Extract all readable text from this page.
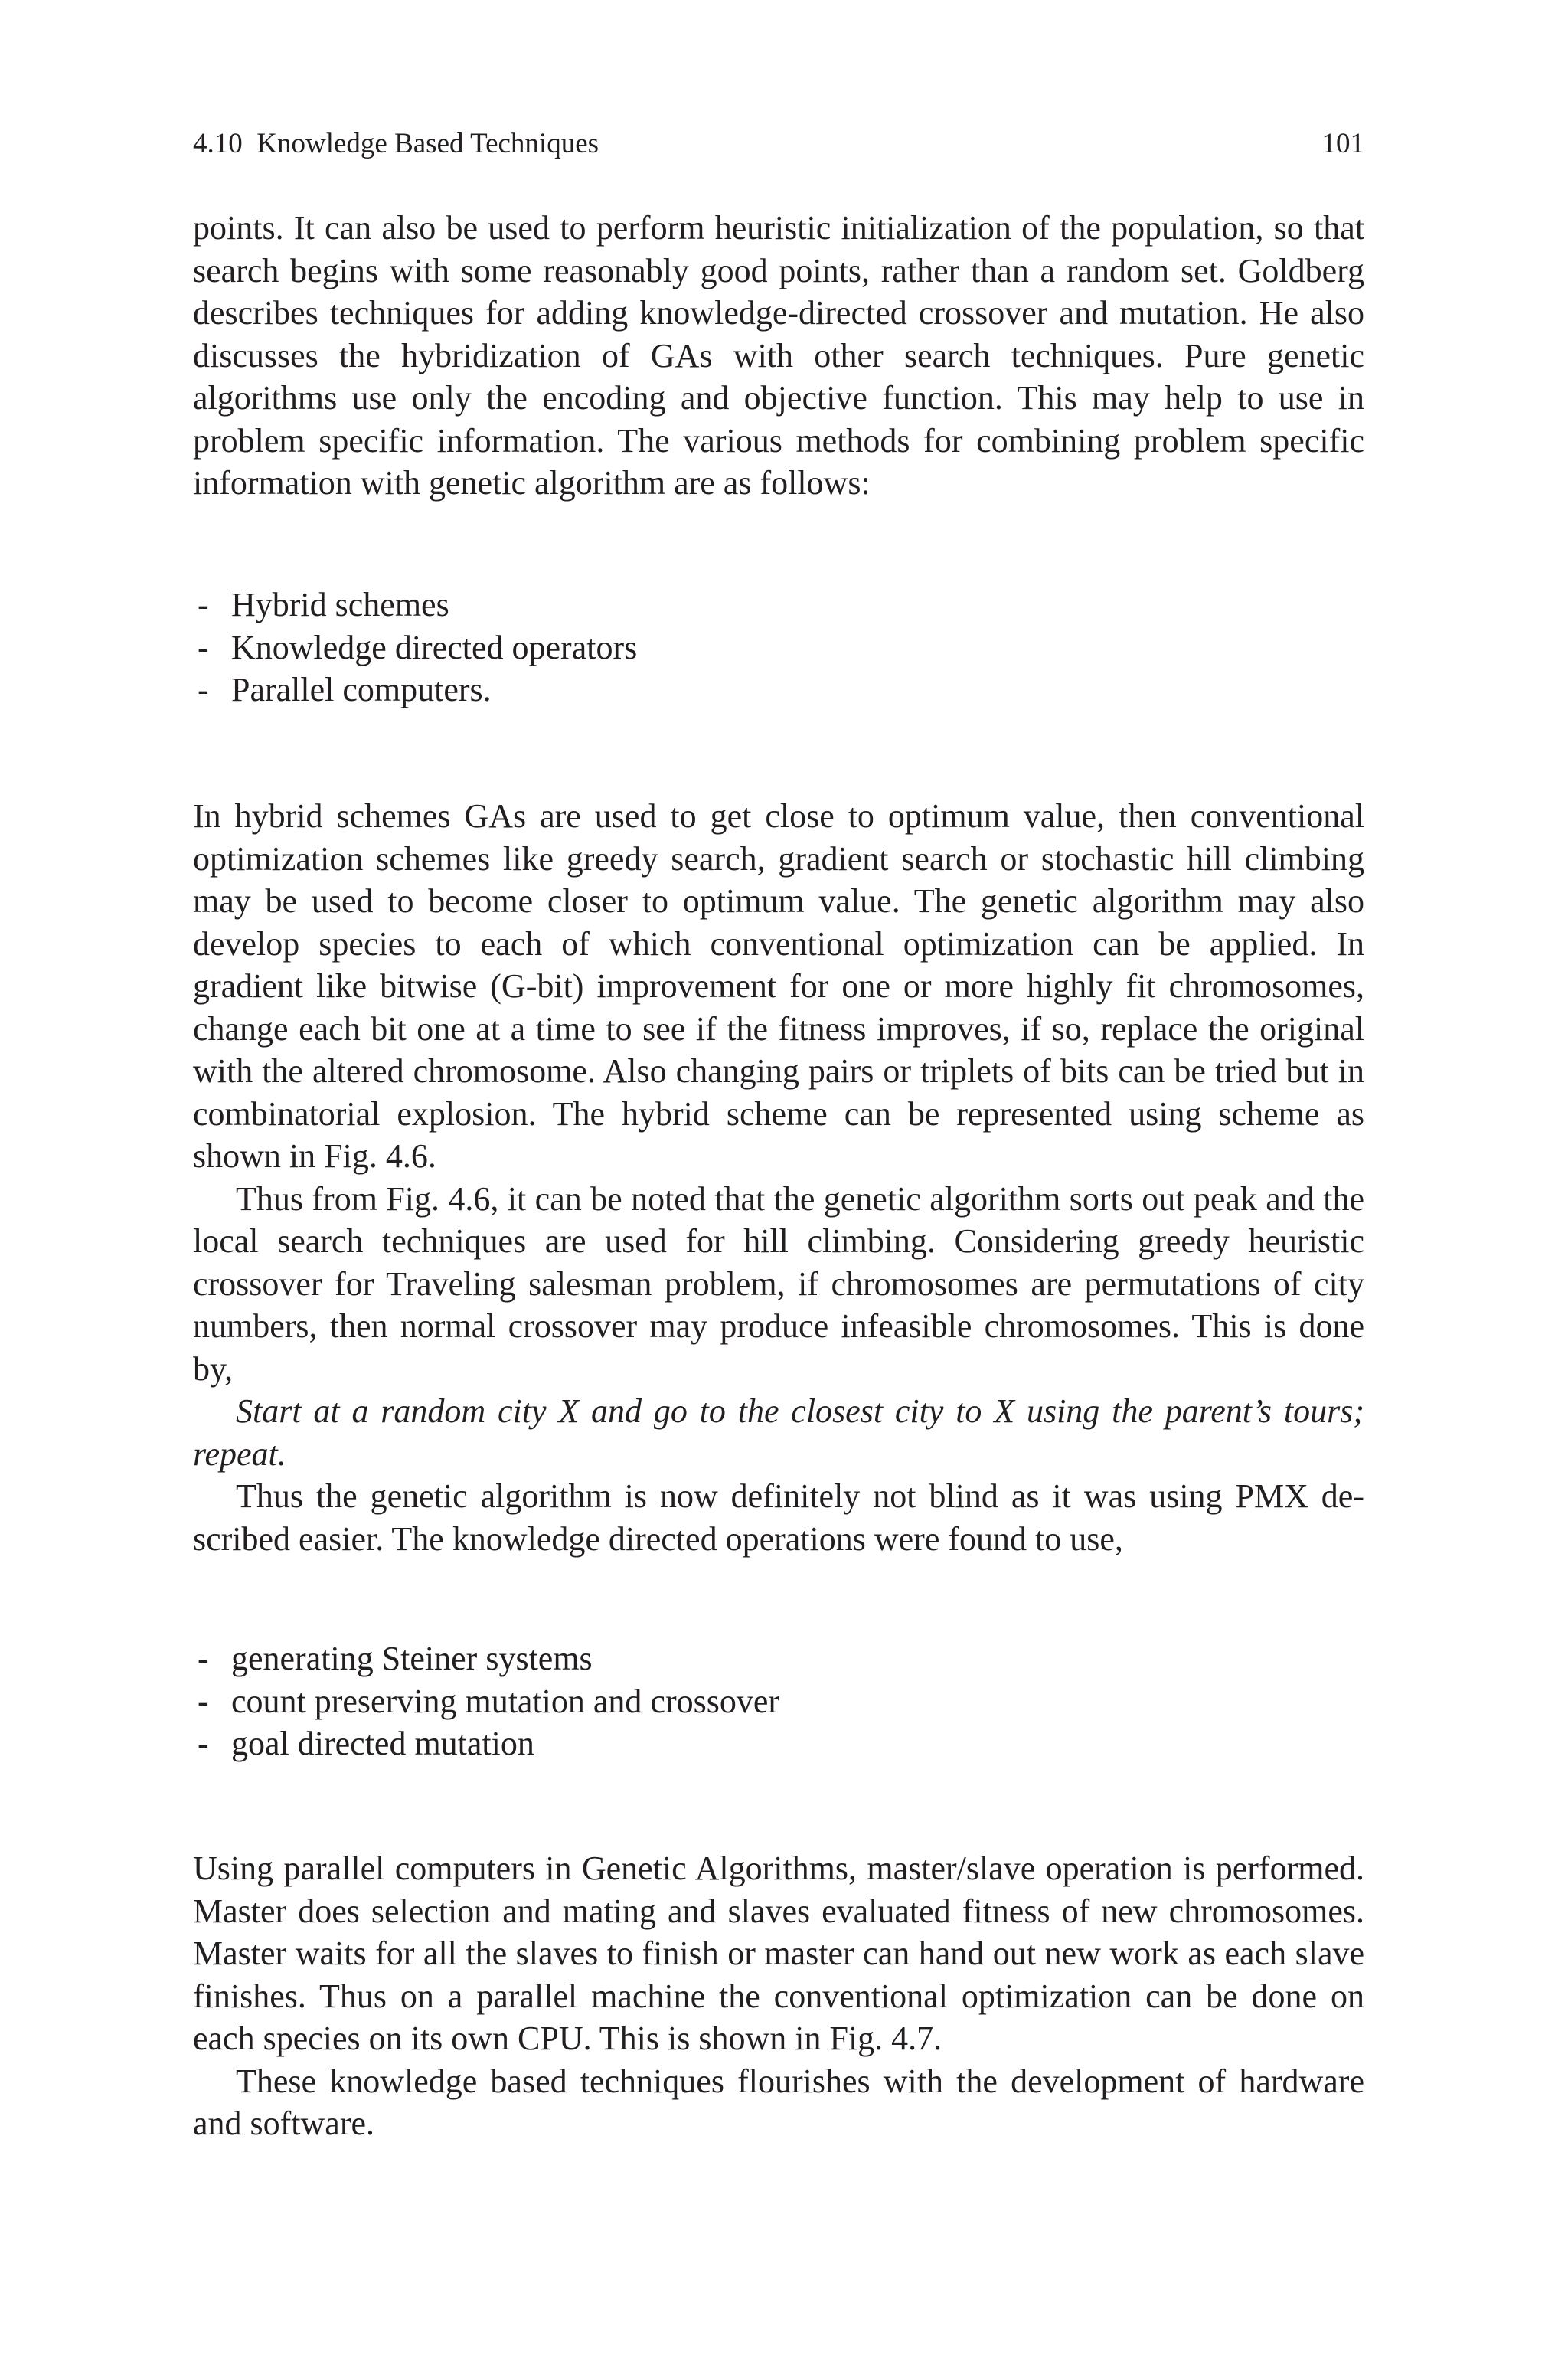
4.10  Knowledge Based Techniques	101

points. It can also be used to perform heuristic initialization of the population, so that search begins with some reasonably good points, rather than a random set. Goldberg describes techniques for adding knowledge-directed crossover and mutation. He also discusses the hybridization of GAs with other search techniques. Pure genetic algorithms use only the encoding and objective function. This may help to use in problem specific information. The various methods for combining problem specific information with genetic algorithm are as follows:

- Hybrid schemes
- Knowledge directed operators
- Parallel computers.

In hybrid schemes GAs are used to get close to optimum value, then conventional optimization schemes like greedy search, gradient search or stochastic hill climbing may be used to become closer to optimum value. The genetic algorithm may also develop species to each of which conventional optimization can be applied. In gradient like bitwise (G-bit) improvement for one or more highly fit chromosomes, change each bit one at a time to see if the fitness improves, if so, replace the original with the altered chromosome. Also changing pairs or triplets of bits can be tried but in combinatorial explosion. The hybrid scheme can be represented using scheme as shown in Fig. 4.6.

Thus from Fig. 4.6, it can be noted that the genetic algorithm sorts out peak and the local search techniques are used for hill climbing. Considering greedy heuristic crossover for Traveling salesman problem, if chromosomes are permutations of city numbers, then normal crossover may produce infeasible chromosomes. This is done by,

Start at a random city X and go to the closest city to X using the parent’s tours; repeat.

Thus the genetic algorithm is now definitely not blind as it was using PMX described easier. The knowledge directed operations were found to use,

- generating Steiner systems
- count preserving mutation and crossover
- goal directed mutation

Using parallel computers in Genetic Algorithms, master/slave operation is performed. Master does selection and mating and slaves evaluated fitness of new chromosomes. Master waits for all the slaves to finish or master can hand out new work as each slave finishes. Thus on a parallel machine the conventional optimization can be done on each species on its own CPU. This is shown in Fig. 4.7.

These knowledge based techniques flourishes with the development of hardware and software.
